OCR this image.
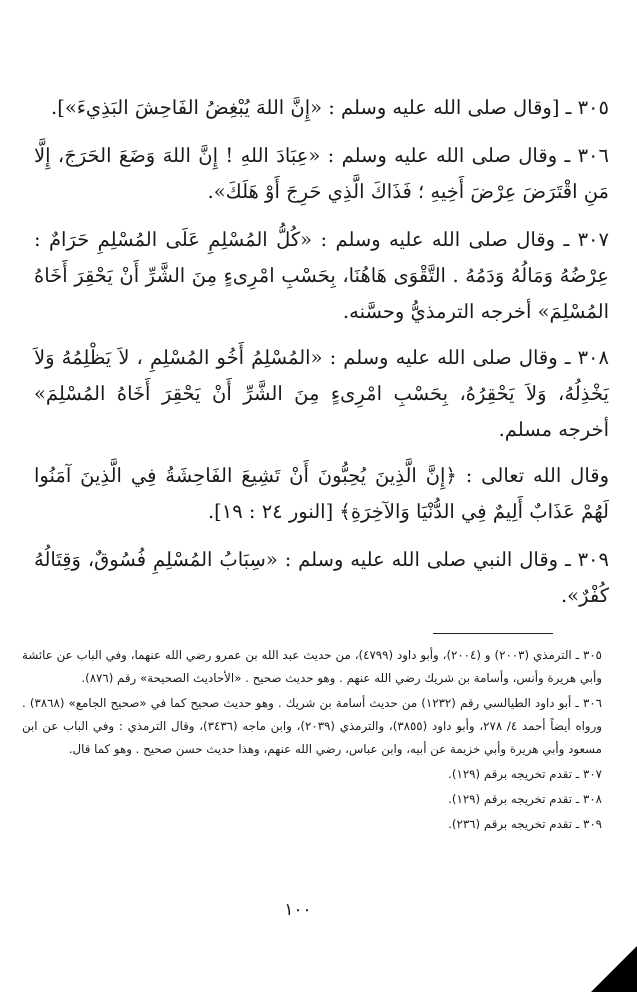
٣٠٥ ـ [وقال صلى الله عليه وسلم : «إِنَّ اللهَ يُبْغِضُ الفَاحِشَ البَذِيءَ»].

٣٠٦ ـ وقال صلى الله عليه وسلم : «عِبَادَ اللهِ ! إِنَّ اللهَ وَضَعَ الحَرَجَ، إِلَّا مَنِ اقْتَرَضَ عِرْضَ أَخِيهِ ؛ فَذَاكَ الَّذِي حَرِجَ أَوْ هَلَكَ».

٣٠٧ ـ وقال صلى الله عليه وسلم : «كُلُّ المُسْلِمِ عَلَى المُسْلِمِ حَرَامٌ : عِرْضُهُ وَمَالُهُ وَدَمُهُ . التَّقْوَى هَاهُنَا، بِحَسْبِ امْرِىءٍ مِنَ الشَّرِّ أَنْ يَحْقِرَ أَخَاهُ المُسْلِمَ» أخرجه الترمذيُّ وحسَّنه.

٣٠٨ ـ وقال صلى الله عليه وسلم : «المُسْلِمُ أَخُو المُسْلِمِ ، لاَ يَظْلِمُهُ وَلاَ يَخْذِلُهُ، وَلاَ يَحْقِرُهُ، بِحَسْبِ امْرِىءٍ مِنَ الشَّرِّ أَنْ يَحْقِرَ أَخَاهُ المُسْلِمَ» أخرجه مسلم.

وقال الله تعالى : ﴿إِنَّ الَّذِينَ يُحِبُّونَ أَنْ تَشِيعَ الفَاحِشَةُ فِي الَّذِينَ آمَنُوا لَهُمْ عَذَابٌ أَلِيمٌ فِي الدُّنْيَا وَالآخِرَةِ﴾ [النور ٢٤ : ١٩].

٣٠٩ ـ وقال النبي صلى الله عليه وسلم : «سِبَابُ المُسْلِمِ فُسُوقٌ، وَقِتَالُهُ كُفْرٌ».

٣٠٥ ـ الترمذي (٢٠٠٣) و (٢٠٠٤)، وأبو داود (٤٧٩٩)، من حديث عبد الله بن عمرو رضي الله عنهما، وفي الباب عن عائشة وأبي هريرة وأنس، وأسامة بن شريك رضي الله عنهم . وهو حديث صحيح . «الأحاديث الصحيحة» رقم (٨٧٦).

٣٠٦ ـ أبو داود الطيالسي رقم (١٢٣٢) من حديث أسامة بن شريك . وهو حديث صحيح كما في «صحيح الجامع» (٣٨٦٨) . ورواه أيضاً أحمد ٤/ ٢٧٨، وأبو داود (٣٨٥٥)، والترمذي (٢٠٣٩)، وابن ماجه (٣٤٣٦)، وقال الترمذي : وفي الباب عن ابن مسعود وأبي هريرة وأبي خزيمة عن أبيه، وابن عباس، رضي الله عنهم، وهذا حديث حسن صحيح . وهو كما قال.

٣٠٧ ـ تقدم تخريجه برقم (١٢٩).

٣٠٨ ـ تقدم تخريجه برقم (١٢٩).

٣٠٩ ـ تقدم تخريجه برقم (٢٣٦).

١٠٠
